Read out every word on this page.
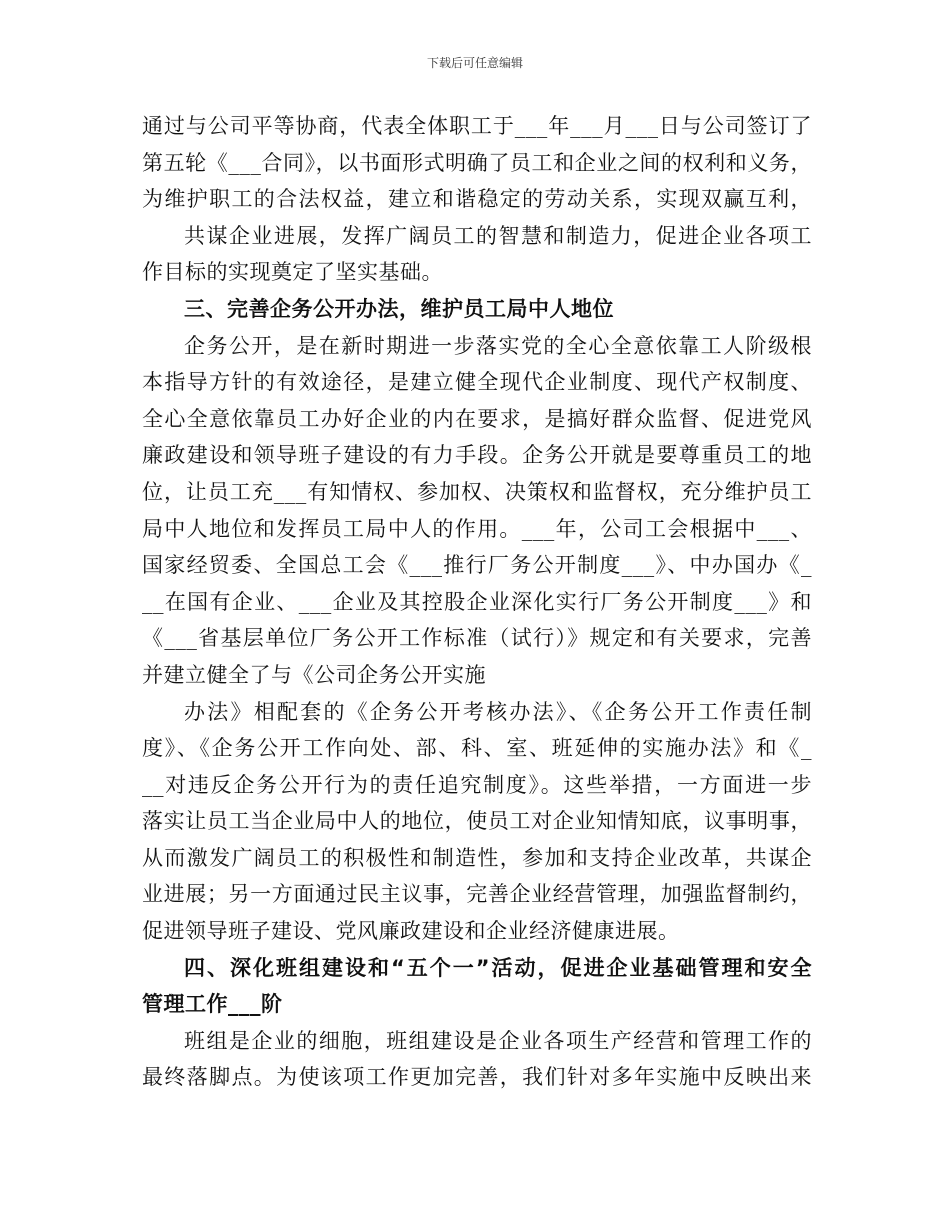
下载后可任意编辑
通过与公司平等协商，代表全体职工于___年___月___日与公司签订了
第五轮《___合同》，以书面形式明确了员工和企业之间的权利和义务，
为维护职工的合法权益，建立和谐稳定的劳动关系，实现双赢互利，
共谋企业进展，发挥广阔员工的智慧和制造力，促进企业各项工
作目标的实现奠定了坚实基础。
三、完善企务公开办法，维护员工局中人地位
企务公开，是在新时期进一步落实党的全心全意依靠工人阶级根
本指导方针的有效途径，是建立健全现代企业制度、现代产权制度、
全心全意依靠员工办好企业的内在要求，是搞好群众监督、促进党风
廉政建设和领导班子建设的有力手段。企务公开就是要尊重员工的地
位，让员工充___有知情权、参加权、决策权和监督权，充分维护员工
局中人地位和发挥员工局中人的作用。___年，公司工会根据中___、
国家经贸委、全国总工会《___推行厂务公开制度___》、中办国办《_
__在国有企业、___企业及其控股企业深化实行厂务公开制度___》和
《___省基层单位厂务公开工作标准（试行）》规定和有关要求，完善
并建立健全了与《公司企务公开实施
办法》相配套的《企务公开考核办法》、《企务公开工作责任制
度》、《企务公开工作向处、部、科、室、班延伸的实施办法》和《_
__对违反企务公开行为的责任追究制度》。这些举措，一方面进一步
落实让员工当企业局中人的地位，使员工对企业知情知底，议事明事，
从而激发广阔员工的积极性和制造性，参加和支持企业改革，共谋企
业进展；另一方面通过民主议事，完善企业经营管理，加强监督制约，
促进领导班子建设、党风廉政建设和企业经济健康进展。
四、深化班组建设和“五个一”活动，促进企业基础管理和安全
管理工作___阶
班组是企业的细胞，班组建设是企业各项生产经营和管理工作的
最终落脚点。为使该项工作更加完善，我们针对多年实施中反映出来
